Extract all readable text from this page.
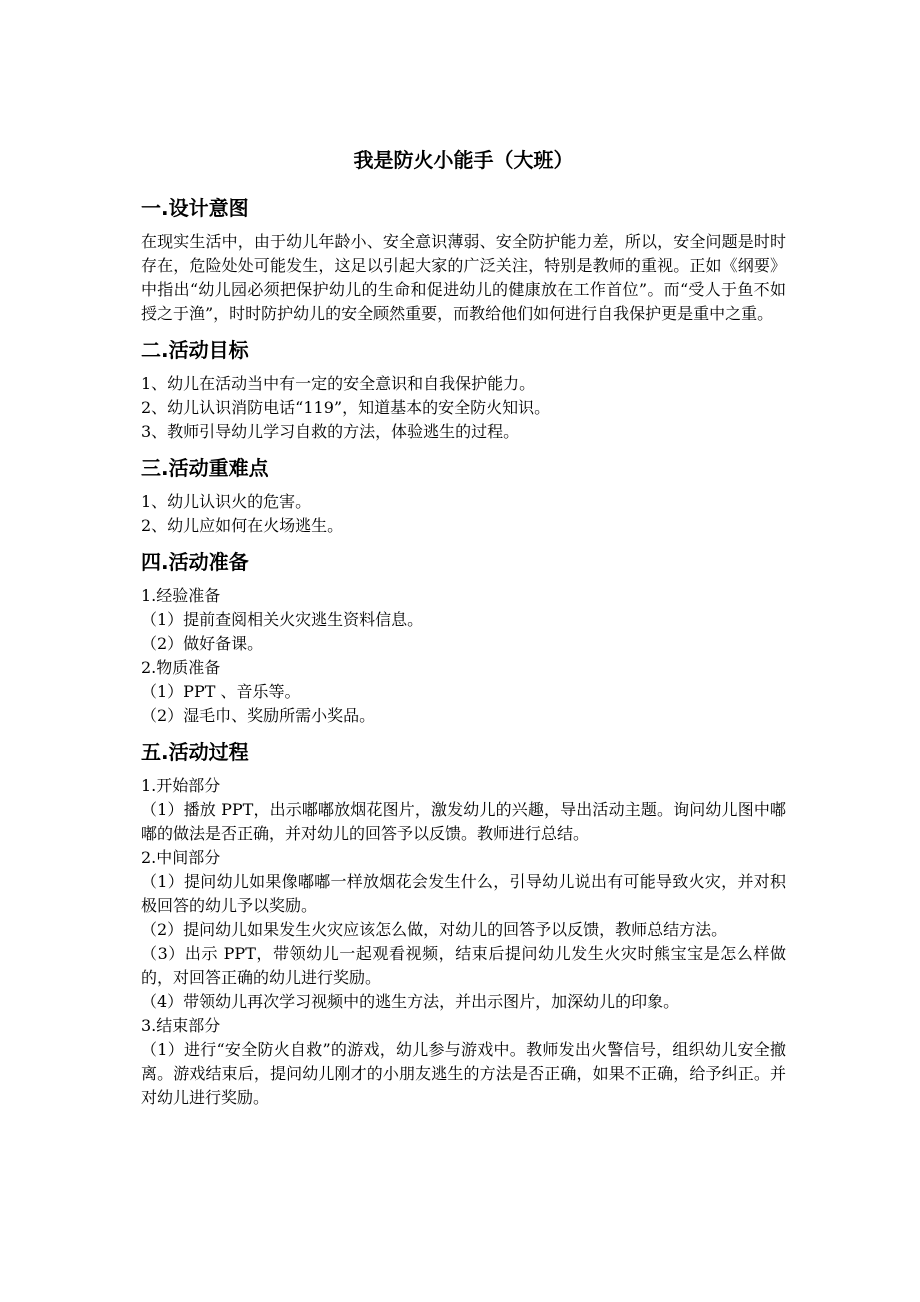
我是防火小能手（大班）
一.设计意图

在现实生活中，由于幼儿年龄小、安全意识薄弱、安全防护能力差，所以，安全问题是时时存在，危险处处可能发生，这足以引起大家的广泛关注，特别是教师的重视。正如《纲要》中指出“幼儿园必须把保护幼儿的生命和促进幼儿的健康放在工作首位”。而“受人于鱼不如授之于渔”，时时防护幼儿的安全顾然重要，而教给他们如何进行自我保护更是重中之重。

二.活动目标

1、幼儿在活动当中有一定的安全意识和自我保护能力。

2、幼儿认识消防电话“119”，知道基本的安全防火知识。

3、教师引导幼儿学习自救的方法，体验逃生的过程。

三.活动重难点

1、幼儿认识火的危害。

2、幼儿应如何在火场逃生。

四.活动准备

1.经验准备

（1）提前查阅相关火灾逃生资料信息。

（2）做好备课。

2.物质准备

（1）PPT 、音乐等。

（2）湿毛巾、奖励所需小奖品。

五.活动过程

1.开始部分

（1）播放 PPT，出示嘟嘟放烟花图片，激发幼儿的兴趣，导出活动主题。询问幼儿图中嘟嘟的做法是否正确，并对幼儿的回答予以反馈。教师进行总结。

2.中间部分

（1）提问幼儿如果像嘟嘟一样放烟花会发生什么，引导幼儿说出有可能导致火灾，并对积极回答的幼儿予以奖励。

（2）提问幼儿如果发生火灾应该怎么做，对幼儿的回答予以反馈，教师总结方法。

（3）出示 PPT，带领幼儿一起观看视频，结束后提问幼儿发生火灾时熊宝宝是怎么样做的，对回答正确的幼儿进行奖励。

（4）带领幼儿再次学习视频中的逃生方法，并出示图片，加深幼儿的印象。

3.结束部分

（1）进行“安全防火自救”的游戏，幼儿参与游戏中。教师发出火警信号，组织幼儿安全撤离。游戏结束后，提问幼儿刚才的小朋友逃生的方法是否正确，如果不正确，给予纠正。并对幼儿进行奖励。
